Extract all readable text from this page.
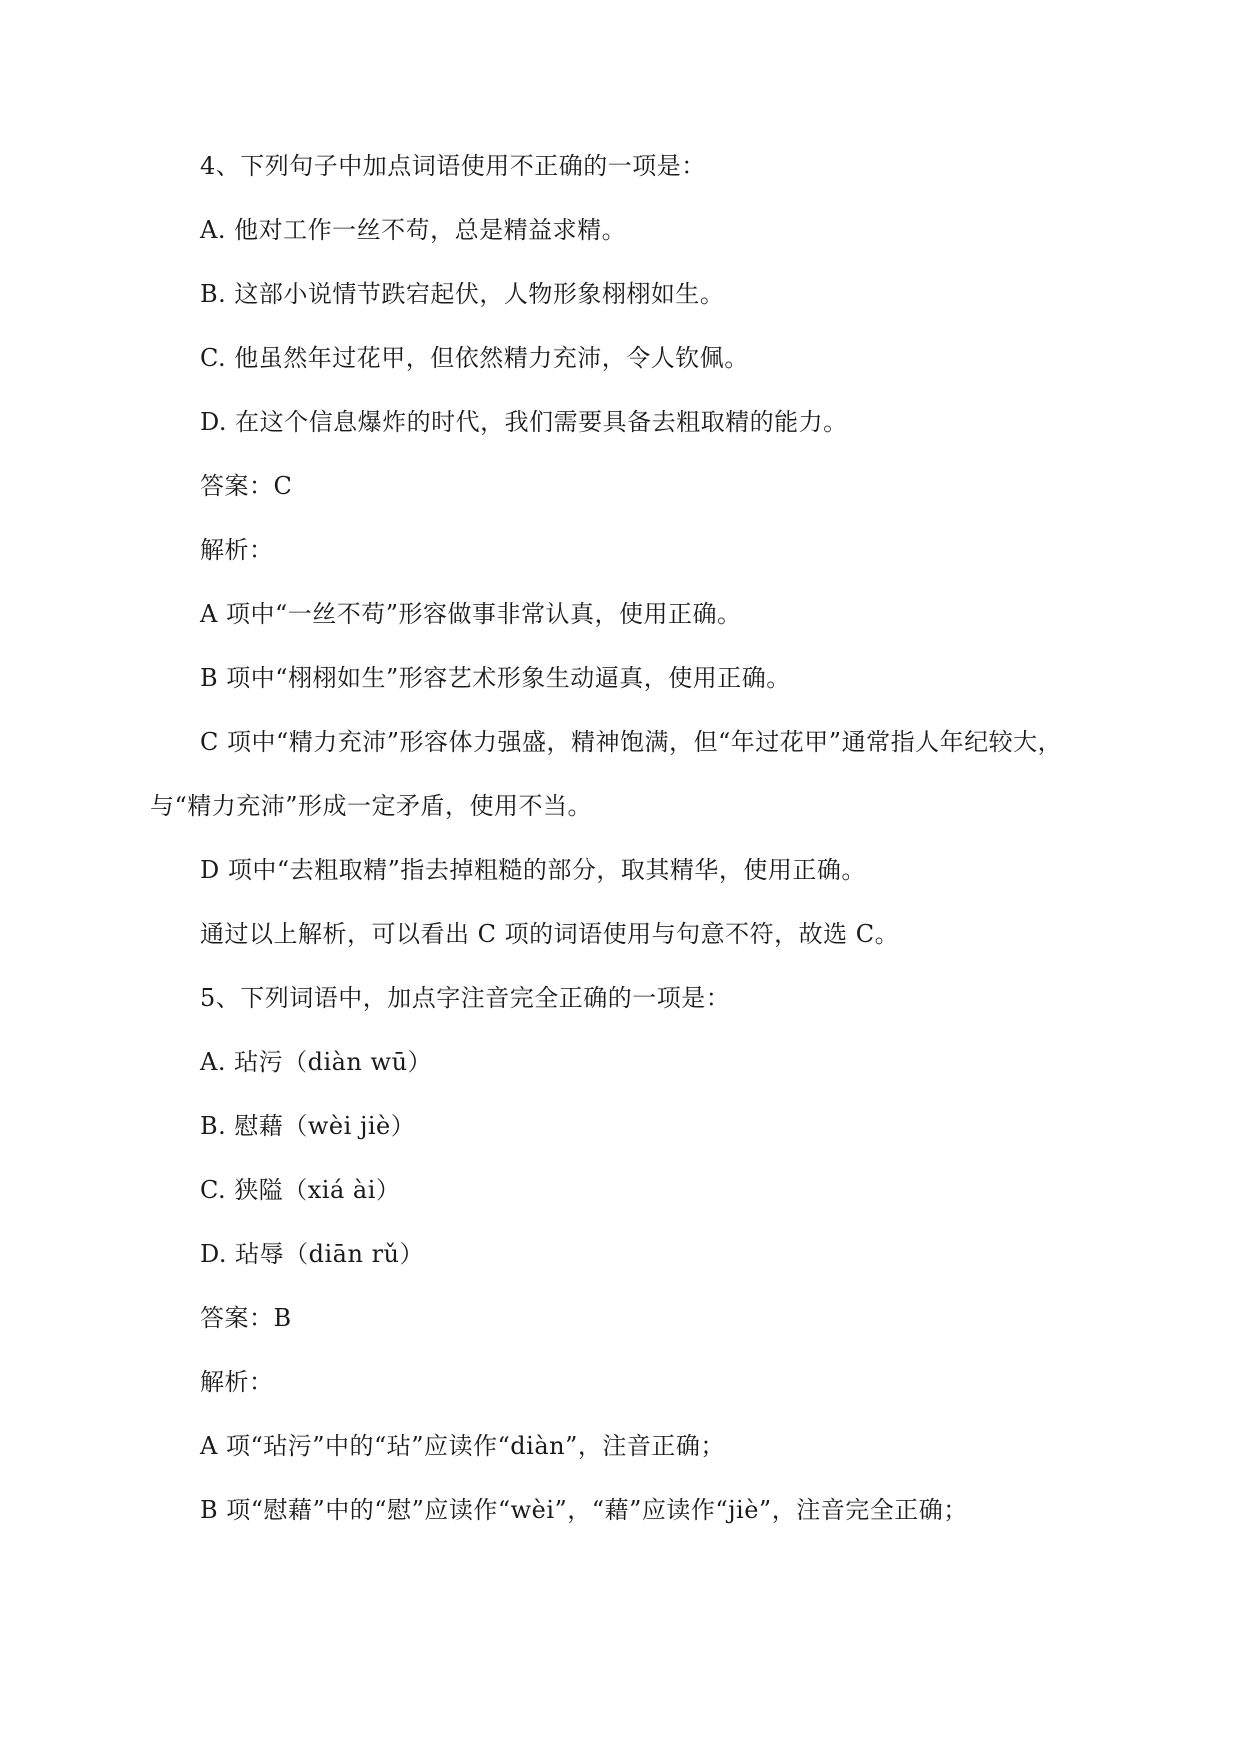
4、下列句子中加点词语使用不正确的一项是：
A. 他对工作一丝不苟，总是精益求精。
B. 这部小说情节跌宕起伏，人物形象栩栩如生。
C. 他虽然年过花甲，但依然精力充沛，令人钦佩。
D. 在这个信息爆炸的时代，我们需要具备去粗取精的能力。
答案：C
解析：
A 项中“一丝不苟”形容做事非常认真，使用正确。
B 项中“栩栩如生”形容艺术形象生动逼真，使用正确。
C 项中“精力充沛”形容体力强盛，精神饱满，但“年过花甲”通常指人年纪较大，
与“精力充沛”形成一定矛盾，使用不当。
D 项中“去粗取精”指去掉粗糙的部分，取其精华，使用正确。
通过以上解析，可以看出 C 项的词语使用与句意不符，故选 C。
5、下列词语中，加点字注音完全正确的一项是：
A. 玷污（diàn wū）
B. 慰藉（wèi jiè）
C. 狭隘（xiá ài）
D. 玷辱（diān rǔ）
答案：B
解析：
A 项“玷污”中的“玷”应读作“diàn”，注音正确；
B 项“慰藉”中的“慰”应读作“wèi”，“藉”应读作“jiè”，注音完全正确；
